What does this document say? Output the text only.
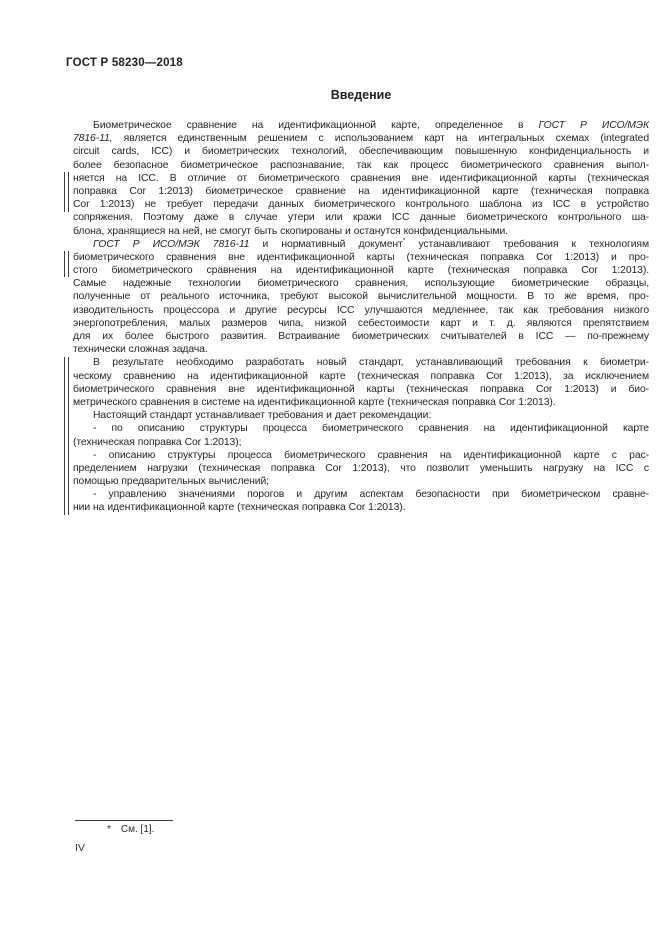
ГОСТ Р 58230—2018
Введение
Биометрическое сравнение на идентификационной карте, определенное в ГОСТ Р ИСО/МЭК
7816-11, является единственным решением с использованием карт на интегральных схемах (integrated
circuit cards, ICC) и биометрических технологий, обеспечивающим повышенную конфиденциальность и
более безопасное биометрическое распознавание, так как процесс биометрического сравнения выпол-
няется на ICC. В отличие от биометрического сравнения вне идентификационной карты (техническая
поправка Cor 1:2013) биометрическое сравнение на идентификационной карте (техническая поправка
Cor 1:2013) не требует передачи данных биометрического контрольного шаблона из ICC в устройство
сопряжения. Поэтому даже в случае утери или кражи ICC данные биометрического контрольного ша-
блона, хранящиеся на ней, не смогут быть скопированы и останутся конфиденциальными.
ГОСТ Р ИСО/МЭК 7816-11 и нормативный документ* устанавливают требования к технологиям
биометрического сравнения вне идентификационной карты (техническая поправка Cor 1:2013) и про-
стого биометрического сравнения на идентификационной карте (техническая поправка Cor 1:2013).
Самые надежные технологии биометрического сравнения, использующие биометрические образцы,
полученные от реального источника, требуют высокой вычислительной мощности. В то же время, про-
изводительность процессора и другие ресурсы ICC улучшаются медленнее, так как требования низкого
энергопотребления, малых размеров чипа, низкой себестоимости карт и т. д. являются препятствием
для их более быстрого развития. Встраивание биометрических считывателей в ICC — по-прежнему
технически сложная задача.
В результате необходимо разработать новый стандарт, устанавливающий требования к биометри-
ческому сравнению на идентификационной карте (техническая поправка Cor 1:2013), за исключением
биометрического сравнения вне идентификационной карты (техническая поправка Cor 1:2013) и био-
метрического сравнения в системе на идентификационной карте (техническая поправка Cor 1:2013).
Настоящий стандарт устанавливает требования и дает рекомендации:
- по описанию структуры процесса биометрического сравнения на идентификационной карте
(техническая поправка Cor 1:2013);
- описанию структуры процесса биометрического сравнения на идентификационной карте с рас-
пределением нагрузки (техническая поправка Cor 1:2013), что позволит уменьшить нагрузку на ICC с
помощью предварительных вычислений;
- управлению значениями порогов и другим аспектам безопасности при биометрическом сравне-
нии на идентификационной карте (техническая поправка Cor 1:2013).
* См. [1].
IV
